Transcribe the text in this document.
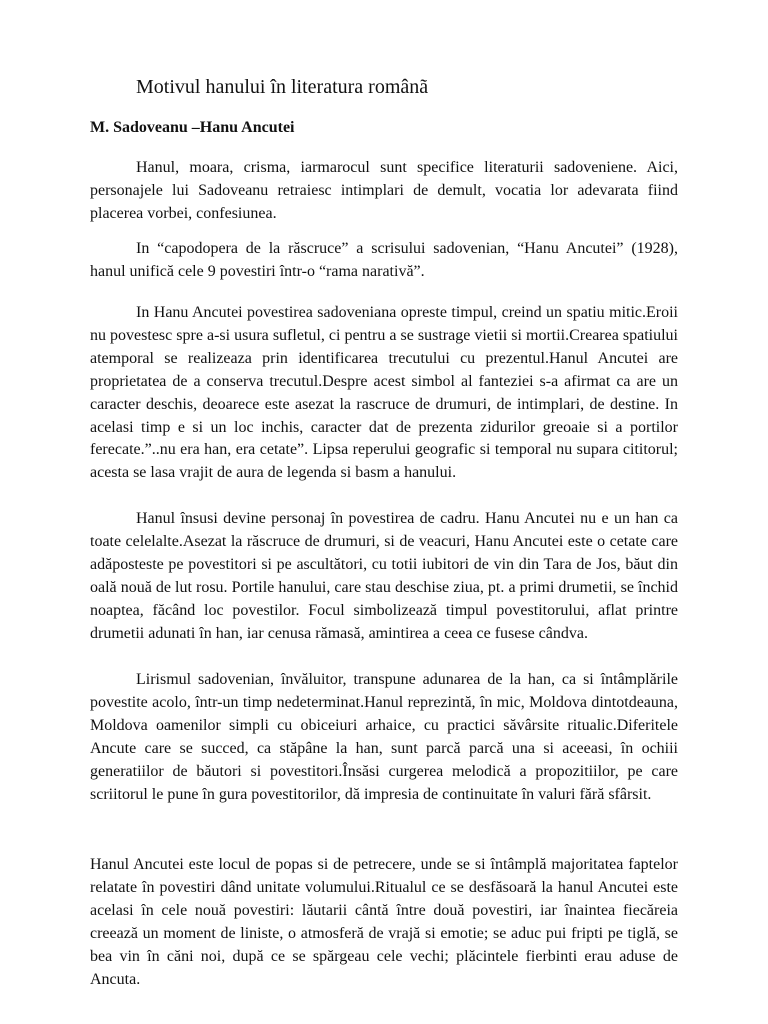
Motivul hanului în literatura românã
M. Sadoveanu –Hanu Ancutei

Hanul, moara, crisma, iarmarocul sunt specifice literaturii sadoveniene. Aici, personajele lui Sadoveanu retraiesc intimplari de demult, vocatia lor adevarata fiind placerea vorbei, confesiunea.

In “capodopera de la răscruce” a scrisului sadovenian, “Hanu Ancutei” (1928), hanul unifică cele 9 povestiri într-o “rama narativă”.

In Hanu Ancutei povestirea sadoveniana opreste timpul, creind un spatiu mitic.Eroii nu povestesc spre a-si usura sufletul, ci pentru a se sustrage vietii si mortii.Crearea spatiului atemporal se realizeaza prin identificarea trecutului cu prezentul.Hanul Ancutei are proprietatea de a conserva trecutul.Despre acest simbol al fanteziei s-a afirmat ca are un caracter deschis, deoarece este asezat la rascruce de drumuri, de intimplari, de destine. In acelasi timp e si un loc inchis, caracter dat de prezenta zidurilor greoaie si a portilor ferecate.”..nu era han, era cetate”. Lipsa reperului geografic si temporal nu supara cititorul; acesta se lasa vrajit de aura de legenda si basm a hanului.

Hanul însusi devine personaj în povestirea de cadru. Hanu Ancutei nu e un han ca toate celelalte.Asezat la răscruce de drumuri, si de veacuri, Hanu Ancutei este o cetate care adăposteste pe povestitori si pe ascultători, cu totii iubitori de vin din Tara de Jos, băut din oală nouă de lut rosu. Portile hanului, care stau deschise ziua, pt. a primi drumetii, se închid noaptea, făcând loc povestilor. Focul simbolizează timpul povestitorului, aflat printre drumetii adunati în han, iar cenusa rămasă, amintirea a ceea ce fusese cândva.

Lirismul sadovenian, învăluitor, transpune adunarea de la han, ca si întâmplările povestite acolo, într-un timp nedeterminat.Hanul reprezintă, în mic, Moldova dintotdeauna, Moldova oamenilor simpli cu obiceiuri arhaice, cu practici săvârsite ritualic.Diferitele Ancute care se succed, ca stăpâne la han, sunt parcă parcă una si aceeasi, în ochiii generatiilor de băutori si povestitori.Însăsi curgerea melodică a propozitiilor, pe care scriitorul le pune în gura povestitorilor, dă impresia de continuitate în valuri fără sfârsit.

Hanul Ancutei este locul de popas si de petrecere, unde se si întâmplă majoritatea faptelor relatate în povestiri dând unitate volumului.Ritualul ce se desfăsoară la hanul Ancutei este acelasi în cele nouă povestiri: lăutarii cântă între două povestiri, iar înaintea fiecăreia creează un moment de liniste, o atmosferă de vrajă si emotie; se aduc pui fripti pe tiglă, se bea vin în căni noi, după ce se spărgeau cele vechi; plăcintele fierbinti erau aduse de Ancuta.
